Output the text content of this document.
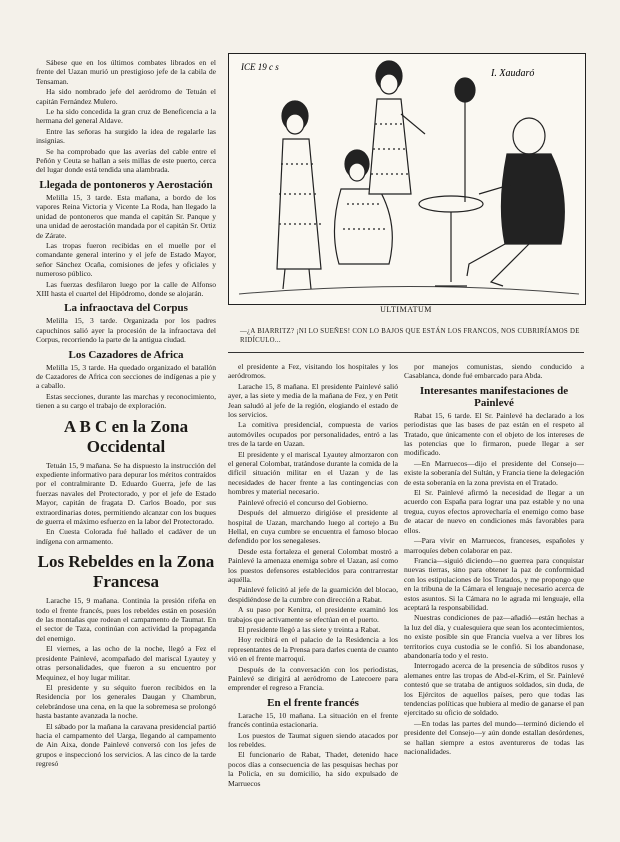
Sábese que en los últimos combates librados en el frente del Uazan murió un prestigioso jefe de la cabila de Tensaman.

Ha sido nombrado jefe del aeródromo de Tetuán el capitán Fernández Mulero.

Le ha sido concedida la gran cruz de Beneficencia a la hermana del general Aldave.

Entre las señoras ha surgido la idea de regalarle las insignias.

Se ha comprobado que las averías del cable entre el Peñón y Ceuta se hallan a seis millas de este puerto, cerca del lugar donde está tendida una alambrada.

Llegada de pontoneros y Aerostación

Melilla 15, 3 tarde. Esta mañana, a bordo de los vapores Reina Victoria y Vicente La Roda, han llegado la unidad de pontoneros que manda el capitán Sr. Panque y una unidad de aerostación mandada por el capitán Sr. Ortiz de Zárate.

Las tropas fueron recibidas en el muelle por el comandante general interino y el jefe de Estado Mayor, señor Sánchez Ocaña, comisiones de jefes y oficiales y numeroso público.

Las fuerzas desfilaron luego por la calle de Alfonso XIII hasta el cuartel del Hipódromo, donde se alojarán.

La infraoctava del Corpus

Melilla 15, 3 tarde. Organizada por los padres capuchinos salió ayer la procesión de la infraoctava del Corpus, recorriendo la parte de la antigua ciudad.

Los Cazadores de Africa

Melilla 15, 3 tarde. Ha quedado organizado el batallón de Cazadores de Africa con secciones de indígenas a pie y a caballo.

Estas secciones, durante las marchas y reconocimiento, tienen a su cargo el trabajo de exploración.

A B C en la Zona Occidental

Tetuán 15, 9 mañana. Se ha dispuesto la instrucción del expediente informativo para depurar los méritos contraídos por el contralmirante D. Eduardo Guerra, jefe de las fuerzas navales del Protectorado, y por el jefe de Estado Mayor, capitán de fragata D. Carlos Boado, por sus extraordinarias dotes, permitiendo alcanzar con los buques de guerra el máximo esfuerzo en la labor del Protectorado.

En Cuesta Colorada fué hallado el cadáver de un indígena con armamento.

Los Rebeldes en la Zona Francesa

Larache 15, 9 mañana. Continúa la presión rifeña en todo el frente francés, pues los rebeldes están en posesión de las montañas que rodean el campamento de Taumat. En el sector de Taza, continúan con actividad la propaganda del enemigo.

El viernes, a las ocho de la noche, llegó a Fez el presidente Painlevé, acompañado del mariscal Lyautey y otras personalidades, que fueron a su encuentro por Mequinez, el hoy lugar militar.

El presidente y su séquito fueron recibidos en la Residencia por los generales Daugan y Chambrun, celebrándose una cena, en la que la sobremesa se prolongó hasta bastante avanzada la noche.

El sábado por la mañana la caravana presidencial partió hacia el campamento del Uarga, llegando al campamento de Ain Aixa, donde Painlevé conversó con los jefes de grupos e inspeccionó los servicios. A las cinco de la tarde regresó

ICE 19 c s
I. Xaudaró
ULTIMATUM
—¿A BIARRITZ? ¡NI LO SUEÑES! CON LO BAJOS QUE ESTÁN LOS FRANCOS, NOS CUBRIRÍAMOS DE RIDÍCULO...

el presidente a Fez, visitando los hospitales y los aeródromos.

Larache 15, 8 mañana. El presidente Painlevé salió ayer, a las siete y media de la mañana de Fez, y en Petit Jean saludó al jefe de la región, elogiando el estado de los servicios.

La comitiva presidencial, compuesta de varios automóviles ocupados por personalidades, entró a las tres de la tarde en Uazan.

El presidente y el mariscal Lyautey almorzaron con el general Colombat, tratándose durante la comida de la difícil situación militar en el Uazan y de las necesidades de hacer frente a las contingencias con hombres y material necesario.

Painlevé ofreció el concurso del Gobierno.

Después del almuerzo dirigióse el presidente al hospital de Uazan, marchando luego al cortejo a Bu Hellal, en cuya cumbre se encuentra el famoso blocao defendido por los senegaleses.

Desde esta fortaleza el general Colombat mostró a Painlevé la amenaza enemiga sobre el Uazan, así como los puestos defensores establecidos para contrarrestar aquélla.

Painlevé felicitó al jefe de la guarnición del blocao, despidiéndose de la cumbre con dirección a Rabat.

A su paso por Kenitra, el presidente examinó los trabajos que activamente se efectúan en el puerto.

El presidente llegó a las siete y treinta a Rabat.

Hoy recibirá en el palacio de la Residencia a los representantes de la Prensa para darles cuenta de cuanto vió en el frente marroquí.

Después de la conversación con los periodistas, Painlevé se dirigirá al aeródromo de Latecoere para emprender el regreso a Francia.

En el frente francés

Larache 15, 10 mañana. La situación en el frente francés continúa estacionaria.

Los puestos de Taumat siguen siendo atacados por los rebeldes.

El funcionario de Rabat, Thadet, detenido hace pocos días a consecuencia de las pesquisas hechas por la Policía, en su domicilio, ha sido expulsado de Marruecos

por manejos comunistas, siendo conducido a Casablanca, donde fué embarcado para Abda.

Interesantes manifestaciones de Painlevé

Rabat 15, 6 tarde. El Sr. Painlevé ha declarado a los periodistas que las bases de paz están en el respeto al Tratado, que únicamente con el objeto de los intereses de las potencias que lo firmaron, puede llegar a ser modificado.

—En Marruecos—dijo el presidente del Consejo—existe la soberanía del Sultán, y Francia tiene la delegación de esta soberanía en la zona prevista en el Tratado.

El Sr. Painlevé afirmó la necesidad de llegar a un acuerdo con España para lograr una paz estable y no una tregua, cuyos efectos aprovecharía el enemigo como base de atacar de nuevo en condiciones más favorables para ellos.

—Para vivir en Marruecos, franceses, españoles y marroquíes deben colaborar en paz.

Francia—siguió diciendo—no guerrea para conquistar nuevas tierras, sino para obtener la paz de conformidad con los estipulaciones de los Tratados, y me propongo que en la tribuna de la Cámara el lenguaje necesario acerca de estos asuntos. Si la Cámara no le agrada mi lenguaje, ella aceptará la responsabilidad.

Nuestras condiciones de paz—añadió—están hechas a la luz del día, y cualesquiera que sean los acontecimientos, no existe posible sin que Francia vuelva a ver libres los territorios cuya custodia se le confió. Si los abandonase, abandonaría todo y el resto.

Interrogado acerca de la presencia de súbditos rusos y alemanes entre las tropas de Abd-el-Krim, el Sr. Painlevé contestó que se trataba de antiguos soldados, sin duda, de los Ejércitos de aquellos países, pero que todas las tendencias políticas que hubiera al medio de ganarse el pan ejercitado su oficio de soldado.

—En todas las partes del mundo—terminó diciendo el presidente del Consejo—y aún donde estallan desórdenes, se hallan siempre a estos aventureros de todas las nacionalidades.
